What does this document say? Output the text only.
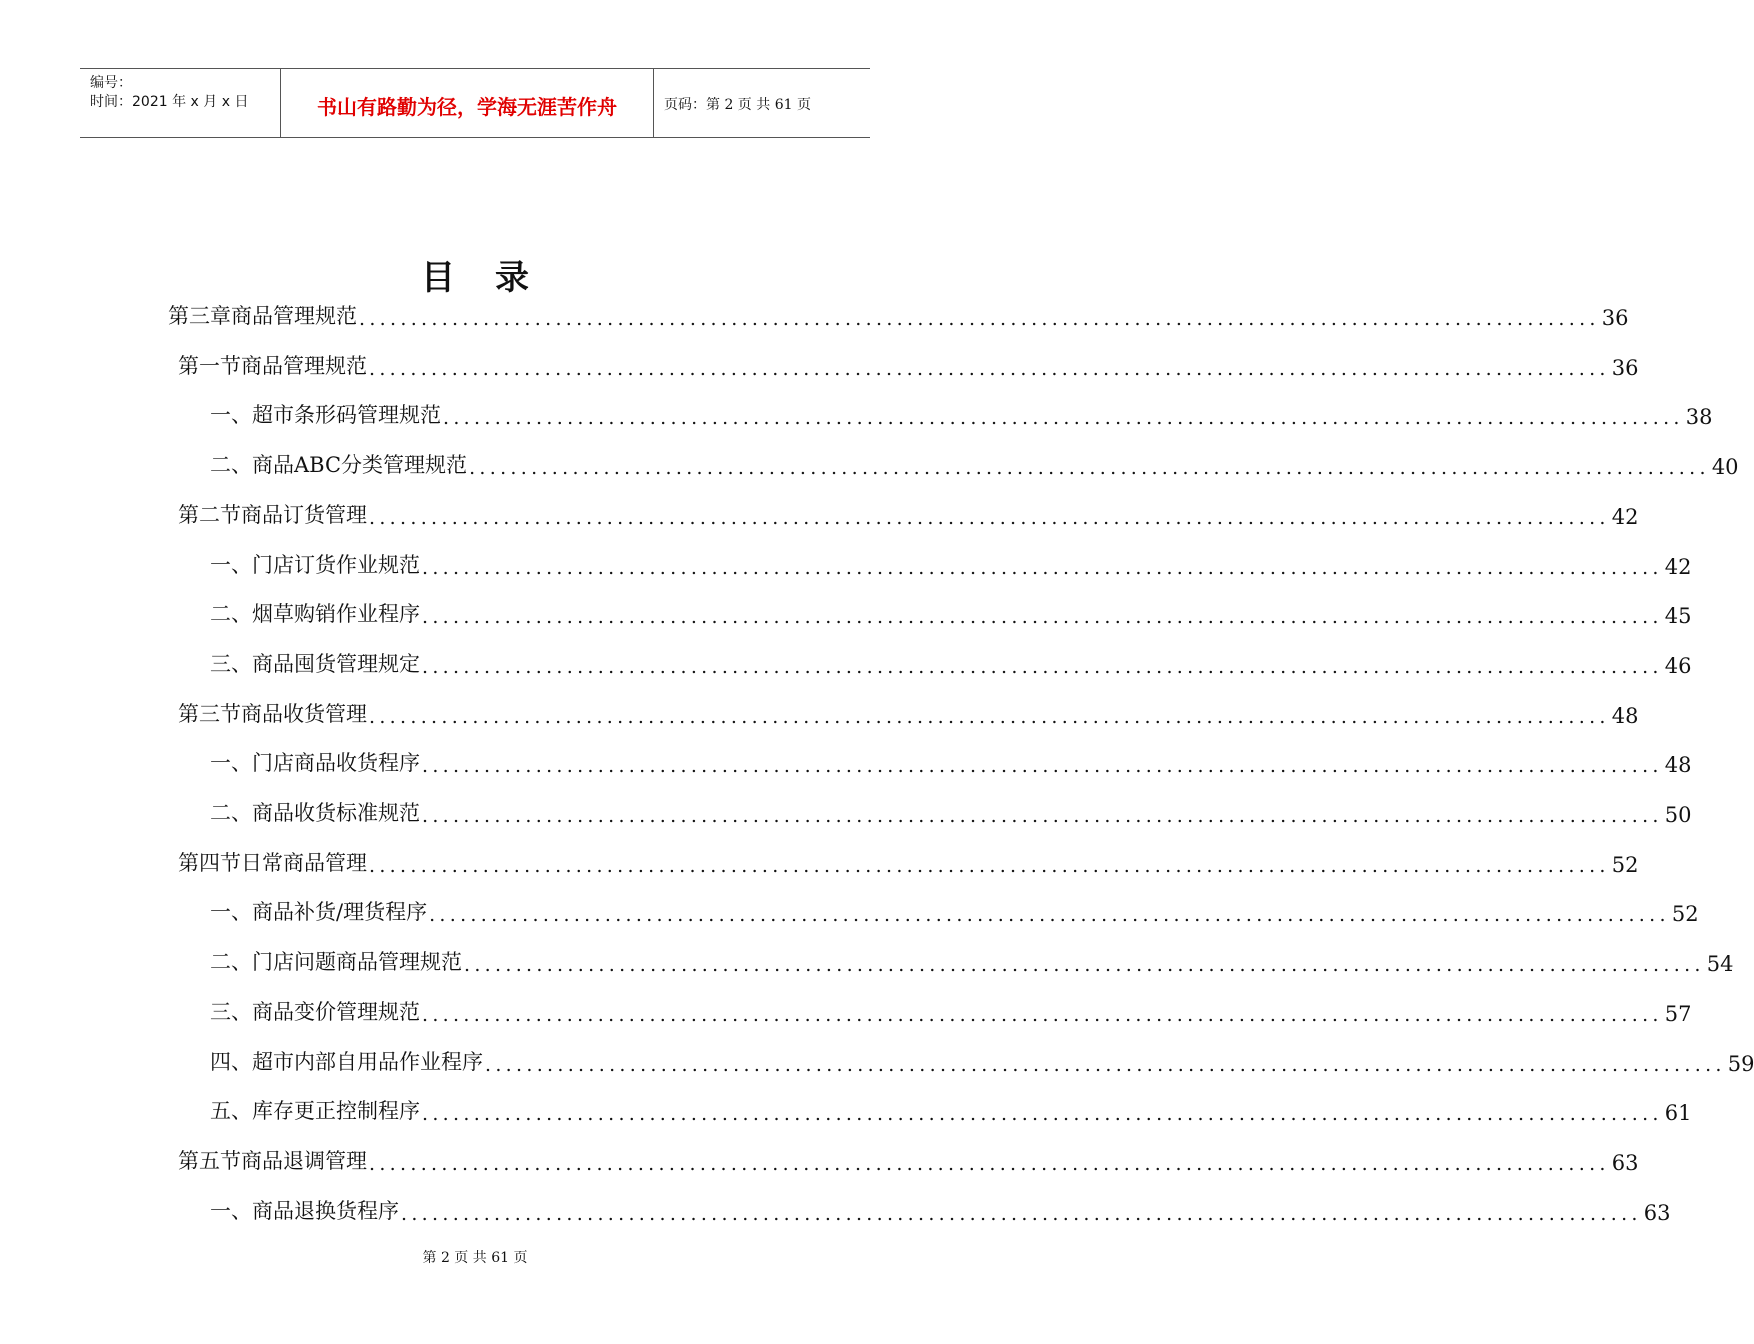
编号：
时间：2021 年 x 月 x 日	书山有路勤为径，学海无涯苦作舟	页码：第 2 页 共 61 页
目录
第三章 商品管理规范 ........................................................................................................................ 36
第一节 商品管理规范 ........................................................................................................................ 36
一、 超市条形码管理规范 ........................................................................................................................ 38
二、 商品ABC分类管理规范 ........................................................................................................................ 40
第二节 商品订货管理 ........................................................................................................................ 42
一、 门店订货作业规范 ........................................................................................................................ 42
二、 烟草购销作业程序 ........................................................................................................................ 45
三、 商品囤货管理规定 ........................................................................................................................ 46
第三节 商品收货管理 ........................................................................................................................ 48
一、 门店商品收货程序 ........................................................................................................................ 48
二、 商品收货标准规范 ........................................................................................................................ 50
第四节 日常商品管理 ........................................................................................................................ 52
一、 商品补货/理货程序 ........................................................................................................................ 52
二、 门店问题商品管理规范 ........................................................................................................................ 54
三、 商品变价管理规范 ........................................................................................................................ 57
四、 超市内部自用品作业程序 ........................................................................................................................ 59
五、 库存更正控制程序 ........................................................................................................................ 61
第五节 商品退调管理 ........................................................................................................................ 63
一、 商品退换货程序 ........................................................................................................................ 63
第 2 页 共 61 页
